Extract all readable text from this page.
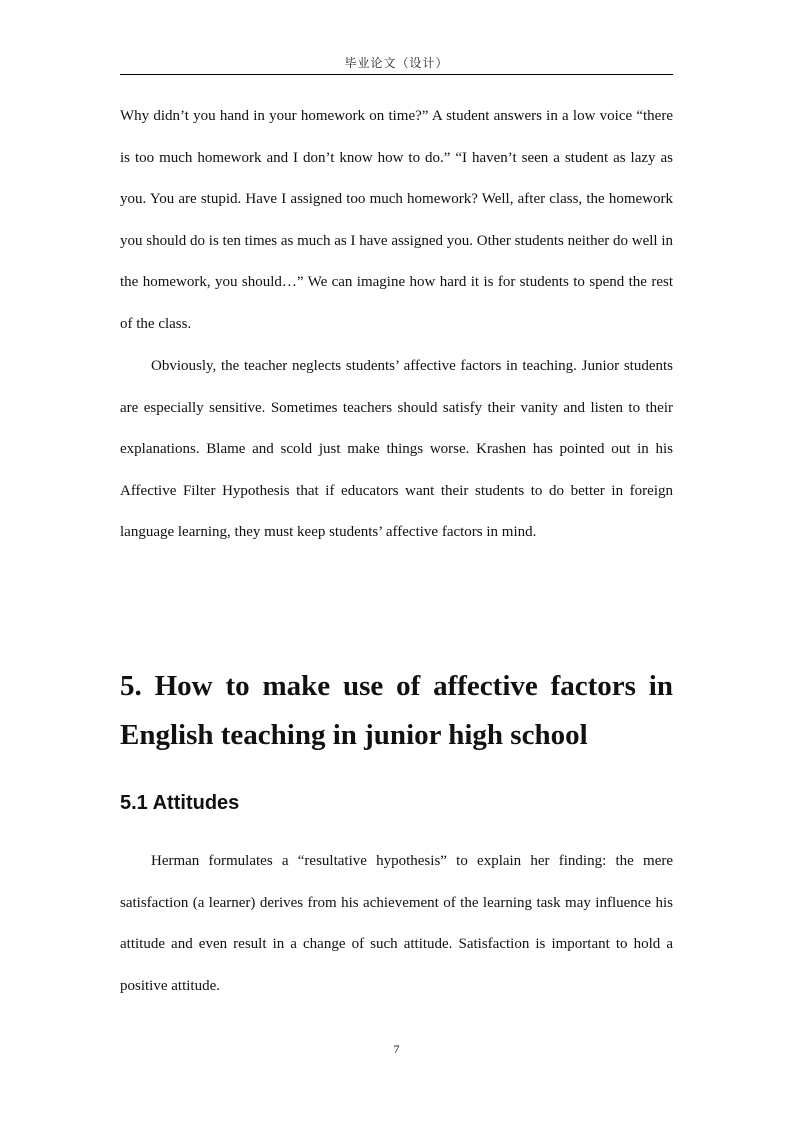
毕业论文（设计）

Why didn’t you hand in your homework on time?” A student answers in a low voice “there is too much homework and I don’t know how to do.” “I haven’t seen a student as lazy as you. You are stupid. Have I assigned too much homework? Well, after class, the homework you should do is ten times as much as I have assigned you. Other students neither do well in the homework, you should…” We can imagine how hard it is for students to spend the rest of the class.

Obviously, the teacher neglects students’ affective factors in teaching. Junior students are especially sensitive. Sometimes teachers should satisfy their vanity and listen to their explanations. Blame and scold just make things worse. Krashen has pointed out in his Affective Filter Hypothesis that if educators want their students to do better in foreign language learning, they must keep students’ affective factors in mind.

5. How to make use of affective factors in English teaching in junior high school
5.1 Attitudes

Herman formulates a “resultative hypothesis” to explain her finding: the mere satisfaction (a learner) derives from his achievement of the learning task may influence his attitude and even result in a change of such attitude. Satisfaction is important to hold a positive attitude.

7
